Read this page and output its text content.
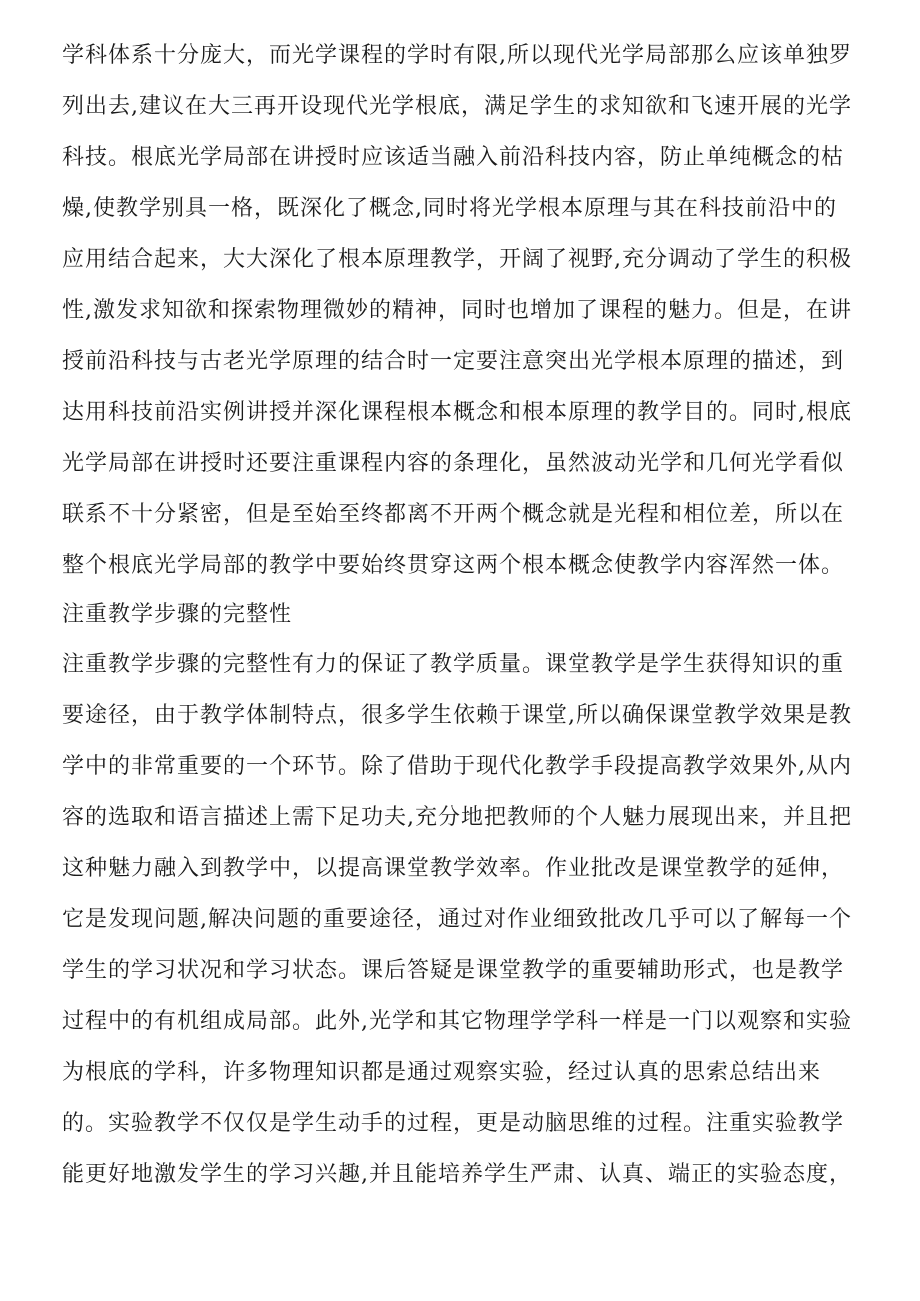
学科体系十分庞大，而光学课程的学时有限,所以现代光学局部那么应该单独罗
列出去,建议在大三再开设现代光学根底，满足学生的求知欲和飞速开展的光学
科技。根底光学局部在讲授时应该适当融入前沿科技内容，防止单纯概念的枯
燥,使教学别具一格，既深化了概念,同时将光学根本原理与其在科技前沿中的
应用结合起来，大大深化了根本原理教学，开阔了视野,充分调动了学生的积极
性,激发求知欲和探索物理微妙的精神，同时也增加了课程的魅力。但是，在讲
授前沿科技与古老光学原理的结合时一定要注意突出光学根本原理的描述，到
达用科技前沿实例讲授并深化课程根本概念和根本原理的教学目的。同时,根底
光学局部在讲授时还要注重课程内容的条理化，虽然波动光学和几何光学看似
联系不十分紧密，但是至始至终都离不开两个概念就是光程和相位差，所以在
整个根底光学局部的教学中要始终贯穿这两个根本概念使教学内容浑然一体。
注重教学步骤的完整性
注重教学步骤的完整性有力的保证了教学质量。课堂教学是学生获得知识的重
要途径，由于教学体制特点，很多学生依赖于课堂,所以确保课堂教学效果是教
学中的非常重要的一个环节。除了借助于现代化教学手段提高教学效果外,从内
容的选取和语言描述上需下足功夫,充分地把教师的个人魅力展现出来，并且把
这种魅力融入到教学中，以提高课堂教学效率。作业批改是课堂教学的延伸，
它是发现问题,解决问题的重要途径，通过对作业细致批改几乎可以了解每一个
学生的学习状况和学习状态。课后答疑是课堂教学的重要辅助形式，也是教学
过程中的有机组成局部。此外,光学和其它物理学学科一样是一门以观察和实验
为根底的学科，许多物理知识都是通过观察实验，经过认真的思索总结出来
的。实验教学不仅仅是学生动手的过程，更是动脑思维的过程。注重实验教学
能更好地激发学生的学习兴趣,并且能培养学生严肃、认真、端正的实验态度，
